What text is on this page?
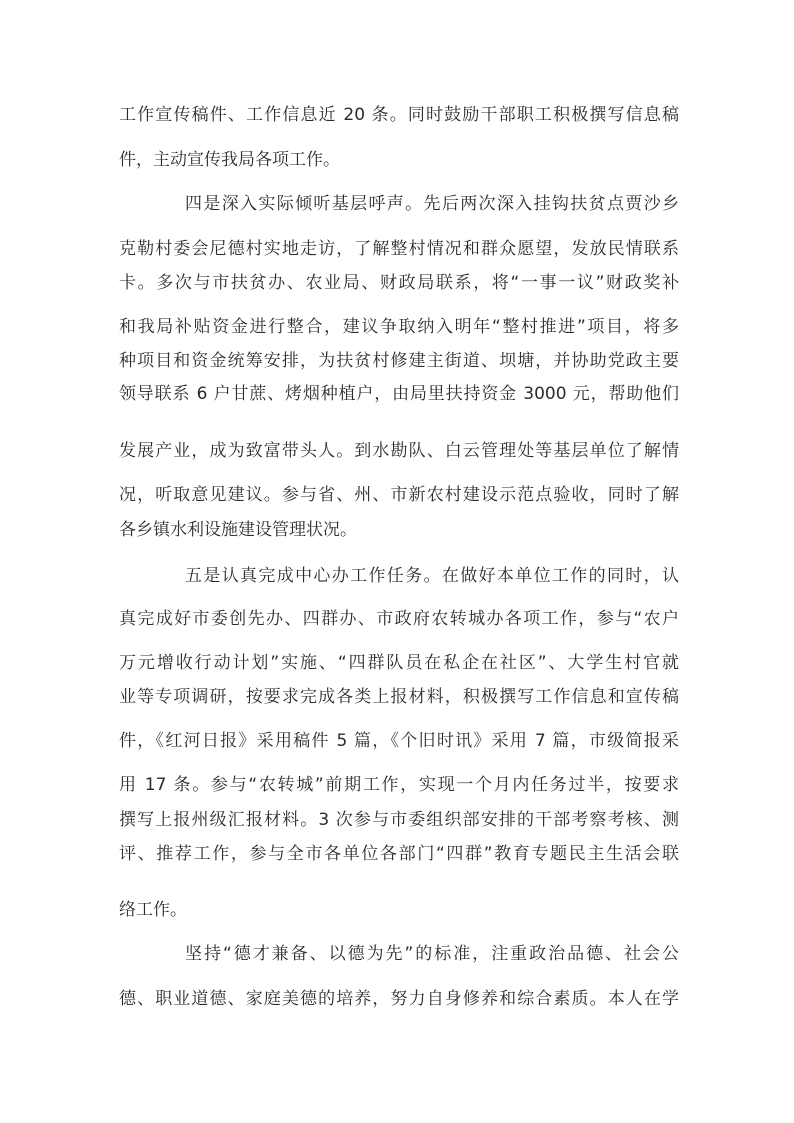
工作宣传稿件、工作信息近 20 条。同时鼓励干部职工积极撰写信息稿
件，主动宣传我局各项工作。
四是深入实际倾听基层呼声。先后两次深入挂钩扶贫点贾沙乡
克勒村委会尼德村实地走访，了解整村情况和群众愿望，发放民情联系
卡。多次与市扶贫办、农业局、财政局联系，将“一事一议”财政奖补
和我局补贴资金进行整合，建议争取纳入明年“整村推进”项目，将多
种项目和资金统筹安排，为扶贫村修建主街道、坝塘，并协助党政主要
领导联系 6 户甘蔗、烤烟种植户，由局里扶持资金 3000 元，帮助他们
发展产业，成为致富带头人。到水勘队、白云管理处等基层单位了解情
况，听取意见建议。参与省、州、市新农村建设示范点验收，同时了解
各乡镇水利设施建设管理状况。
五是认真完成中心办工作任务。在做好本单位工作的同时，认
真完成好市委创先办、四群办、市政府农转城办各项工作，参与“农户
万元增收行动计划”实施、“四群队员在私企在社区”、大学生村官就
业等专项调研，按要求完成各类上报材料，积极撰写工作信息和宣传稿
件，《红河日报》采用稿件 5 篇，《个旧时讯》采用 7 篇，市级简报采
用 17 条。参与“农转城”前期工作，实现一个月内任务过半，按要求
撰写上报州级汇报材料。3 次参与市委组织部安排的干部考察考核、测
评、推荐工作，参与全市各单位各部门“四群”教育专题民主生活会联
络工作。
坚持“德才兼备、以德为先”的标准，注重政治品德、社会公
德、职业道德、家庭美德的培养，努力自身修养和综合素质。本人在学
